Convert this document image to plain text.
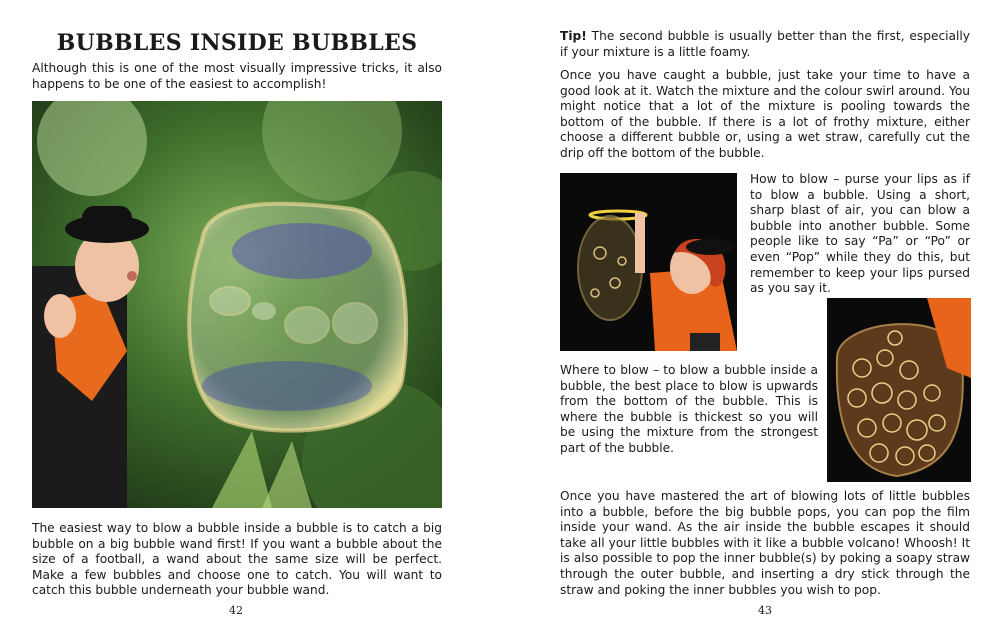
BUBBLES INSIDE BUBBLES

Although this is one of the most visually impressive tricks, it also happens to be one of the easiest to accomplish!

The easiest way to blow a bubble inside a bubble is to catch a big bubble on a big bubble wand first! If you want a bubble about the size of a football, a wand about the same size will be perfect. Make a few bubbles and choose one to catch. You will want to catch this bubble underneath your bubble wand.

42

Tip! The second bubble is usually better than the first, especially if your mixture is a little foamy.

Once you have caught a bubble, just take your time to have a good look at it. Watch the mixture and the colour swirl around. You might notice that a lot of the mixture is pooling towards the bottom of the bubble. If there is a lot of frothy mixture, either choose a different bubble or, using a wet straw, carefully cut the drip off the bottom of the bubble.

How to blow – purse your lips as if to blow a bubble. Using a short, sharp blast of air, you can blow a bubble into another bubble. Some people like to say “Pa” or “Po” or even “Pop” while they do this, but remember to keep your lips pursed as you say it.

Where to blow – to blow a bubble inside a bubble, the best place to blow is upwards from the bottom of the bubble. This is where the bubble is thickest so you will be using the mixture from the strongest part of the bubble.

Once you have mastered the art of blowing lots of little bubbles into a bubble, before the big bubble pops, you can pop the film inside your wand. As the air inside the bubble escapes it should take all your little bubbles with it like a bubble volcano! Whoosh! It is also possible to pop the inner bubble(s) by poking a soapy straw through the outer bubble, and inserting a dry stick through the straw and poking the inner bubbles you wish to pop.

43
